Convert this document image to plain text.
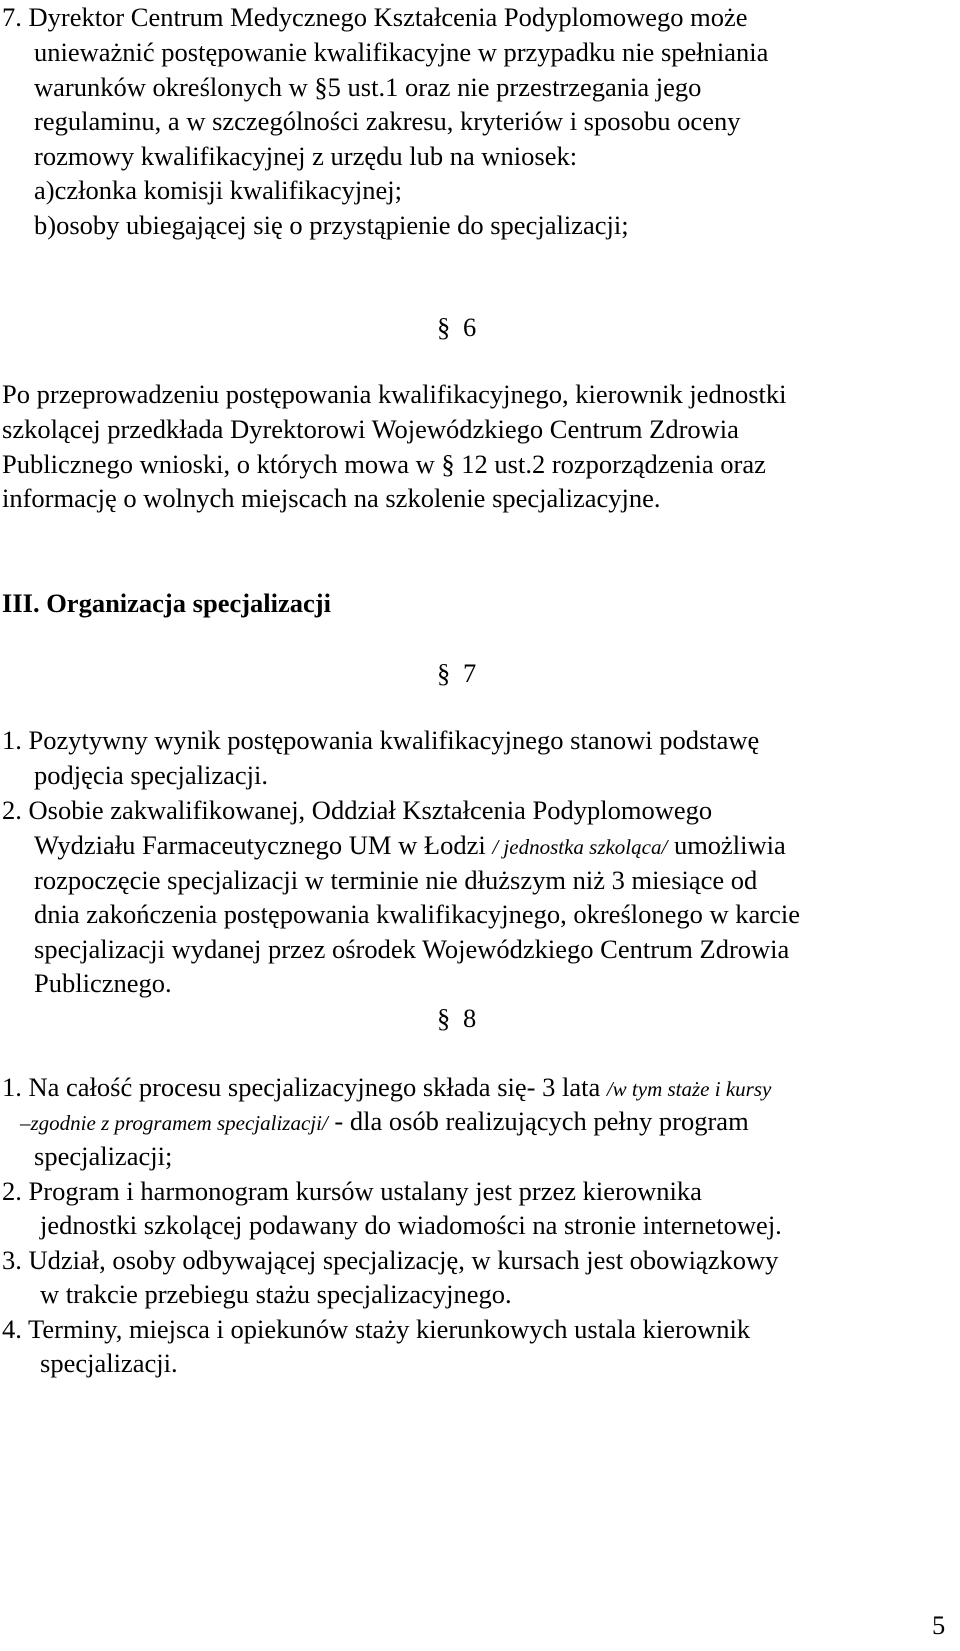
7. Dyrektor Centrum Medycznego Kształcenia Podyplomowego może
unieważnić postępowanie kwalifikacyjne w przypadku nie spełniania
warunków określonych w §5 ust.1 oraz nie przestrzegania jego
regulaminu, a w szczególności zakresu, kryteriów i sposobu oceny
rozmowy kwalifikacyjnej z urzędu lub na wniosek:
a)członka komisji kwalifikacyjnej;
b)osoby ubiegającej się o przystąpienie do specjalizacji;
§ 6
Po przeprowadzeniu postępowania kwalifikacyjnego, kierownik jednostki
szkolącej przedkłada Dyrektorowi Wojewódzkiego Centrum Zdrowia
Publicznego wnioski, o których mowa w § 12 ust.2 rozporządzenia oraz
informację o wolnych miejscach na szkolenie specjalizacyjne.
III. Organizacja specjalizacji
§ 7
1. Pozytywny wynik postępowania kwalifikacyjnego stanowi podstawę
podjęcia specjalizacji.
2. Osobie zakwalifikowanej, Oddział Kształcenia Podyplomowego
Wydziału Farmaceutycznego UM w Łodzi / jednostka szkoląca/ umożliwia
rozpoczęcie specjalizacji w terminie nie dłuższym niż 3 miesiące od
dnia zakończenia postępowania kwalifikacyjnego, określonego w karcie
specjalizacji wydanej przez ośrodek Wojewódzkiego Centrum Zdrowia
Publicznego.
§ 8
1. Na całość procesu specjalizacyjnego składa się- 3 lata /w tym staże i kursy
–zgodnie z programem specjalizacji/ - dla osób realizujących pełny program
specjalizacji;
2. Program i harmonogram kursów ustalany jest przez kierownika
jednostki szkolącej podawany do wiadomości na stronie internetowej.
3. Udział, osoby odbywającej specjalizację, w kursach jest obowiązkowy
w trakcie przebiegu stażu specjalizacyjnego.
4. Terminy, miejsca i opiekunów staży kierunkowych ustala kierownik
specjalizacji.
5
